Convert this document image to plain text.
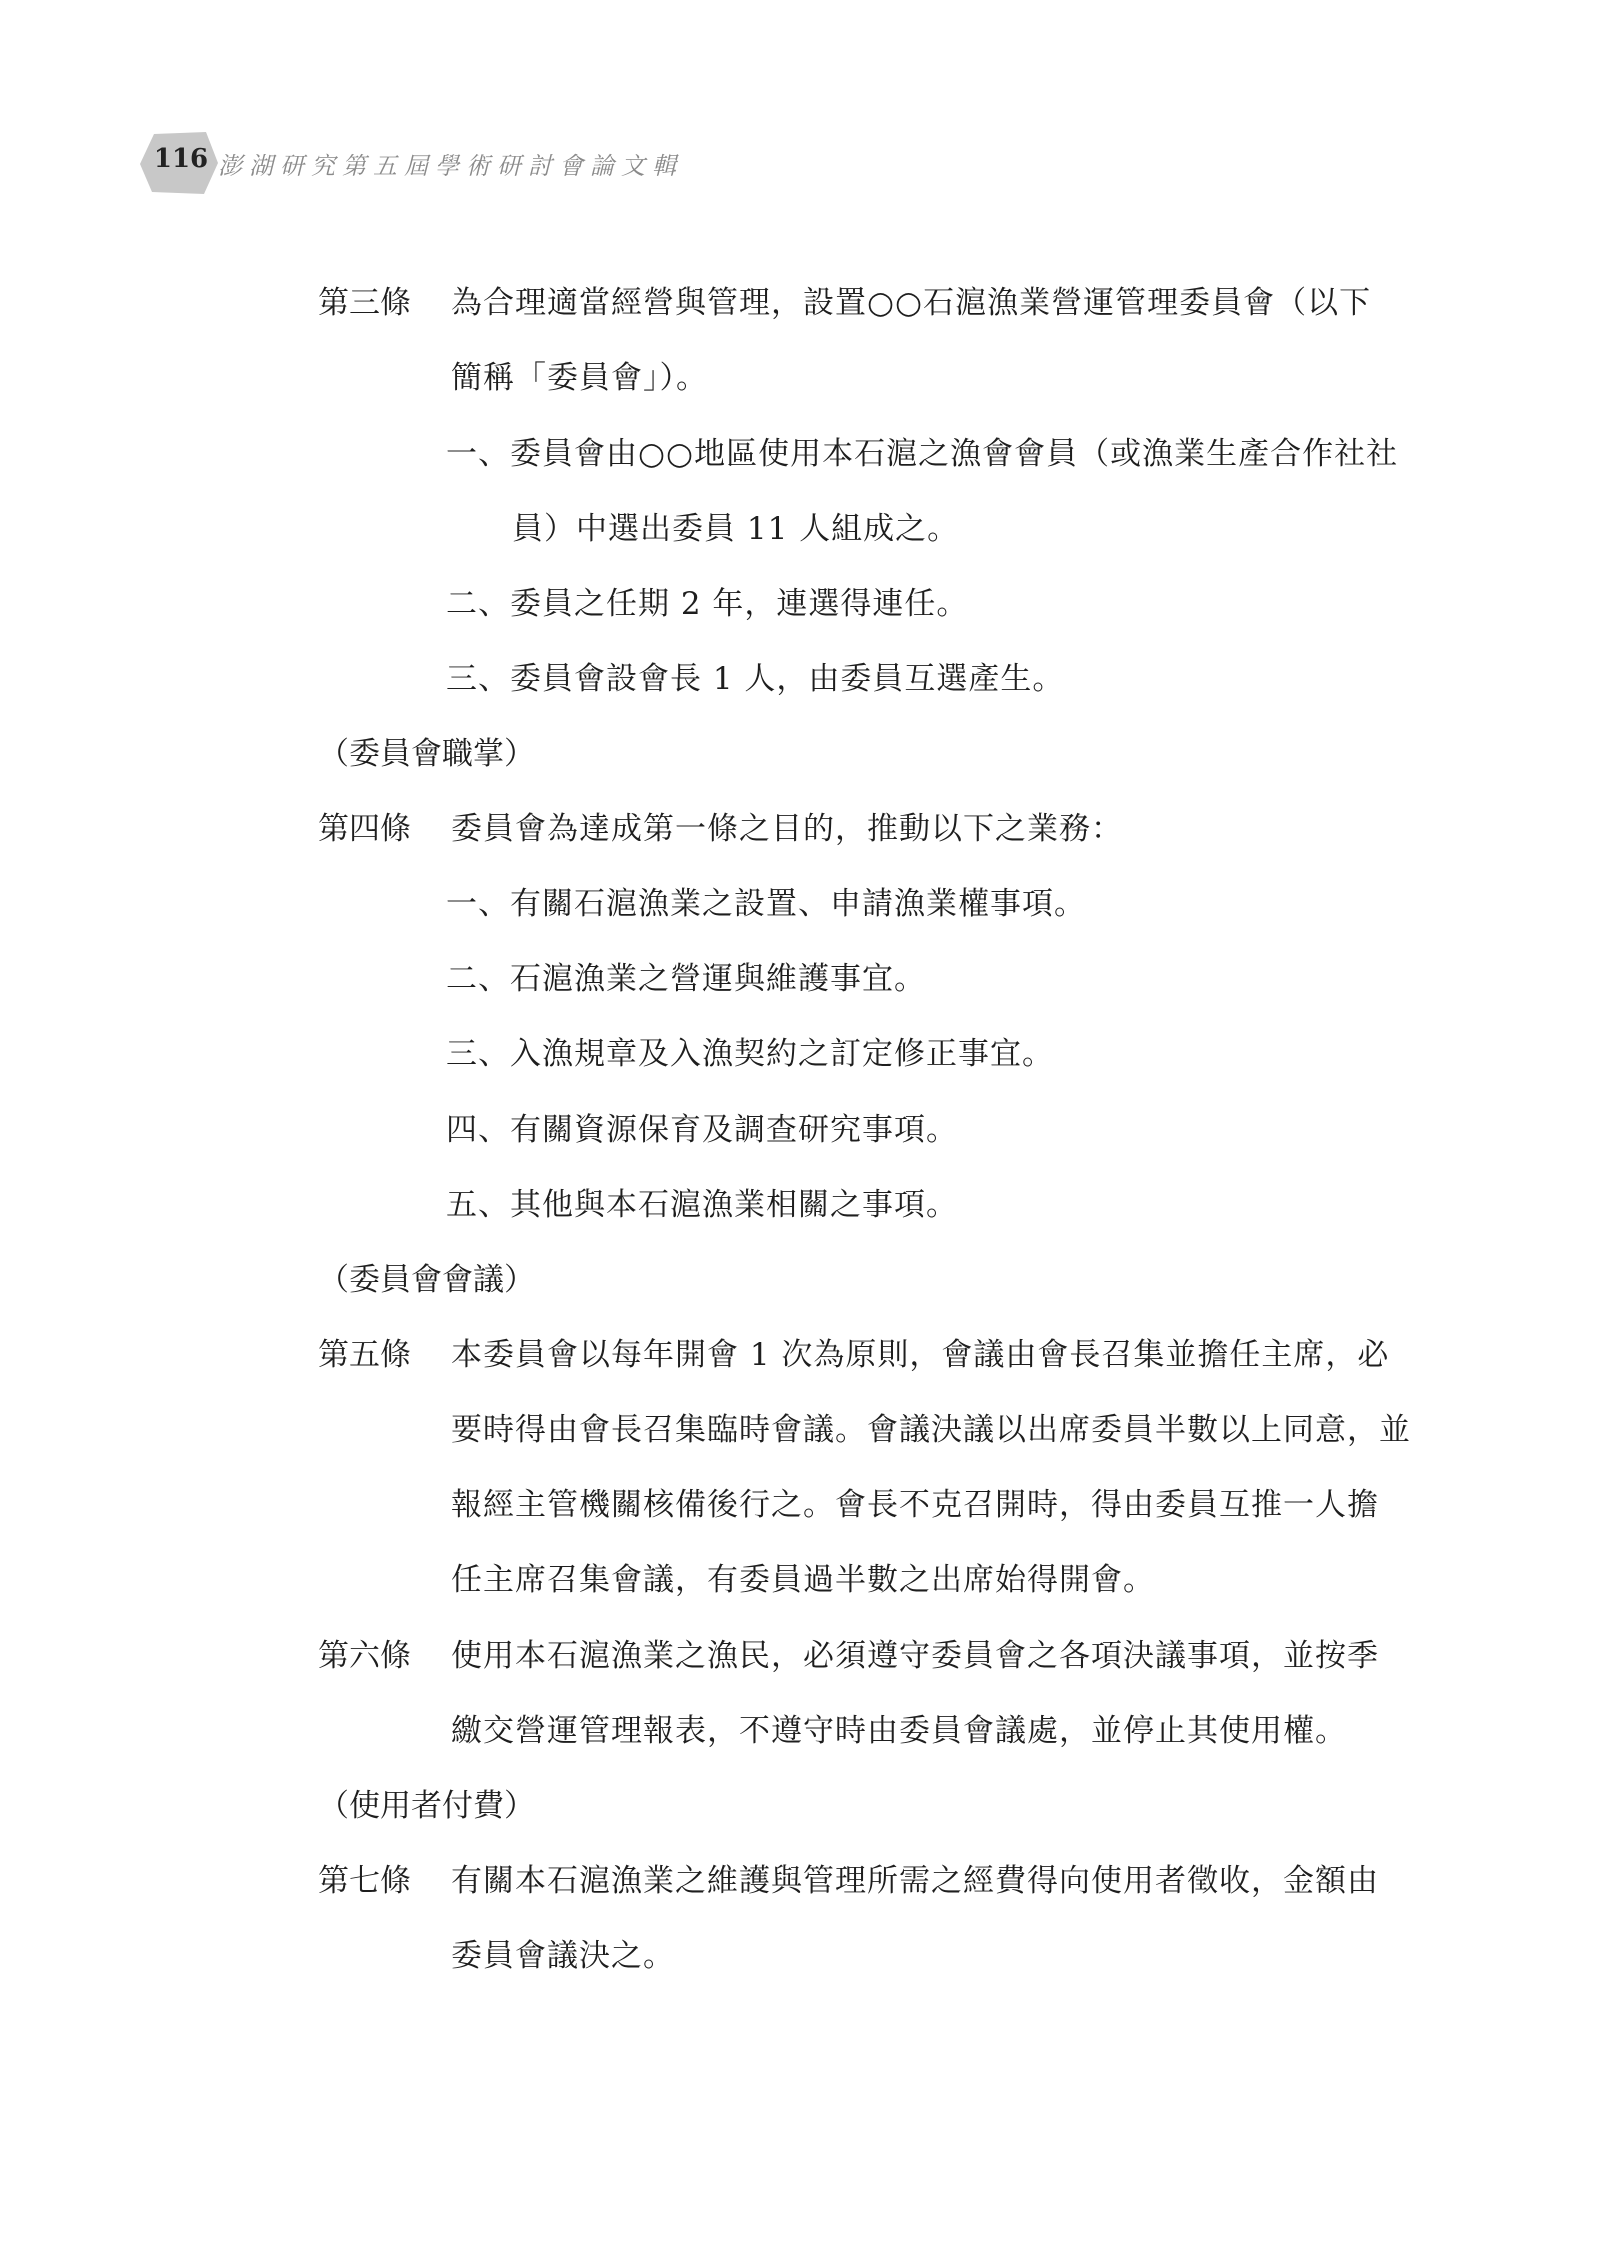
116 澎湖研究第五屆學術研討會論文輯
第三條 為合理適當經營與管理，設置○○石滬漁業營運管理委員會（以下
簡稱「委員會」）。
一、委員會由○○地區使用本石滬之漁會會員（或漁業生產合作社社
員）中選出委員 11 人組成之。
二、委員之任期 2 年，連選得連任。
三、委員會設會長 1 人，由委員互選產生。
（委員會職掌）
第四條 委員會為達成第一條之目的，推動以下之業務：
一、有關石滬漁業之設置、申請漁業權事項。
二、石滬漁業之營運與維護事宜。
三、入漁規章及入漁契約之訂定修正事宜。
四、有關資源保育及調查研究事項。
五、其他與本石滬漁業相關之事項。
（委員會會議）
第五條 本委員會以每年開會 1 次為原則，會議由會長召集並擔任主席，必
要時得由會長召集臨時會議。會議決議以出席委員半數以上同意，並
報經主管機關核備後行之。會長不克召開時，得由委員互推一人擔
任主席召集會議，有委員過半數之出席始得開會。
第六條 使用本石滬漁業之漁民，必須遵守委員會之各項決議事項，並按季
繳交營運管理報表，不遵守時由委員會議處，並停止其使用權。
（使用者付費）
第七條 有關本石滬漁業之維護與管理所需之經費得向使用者徵收，金額由
委員會議決之。
